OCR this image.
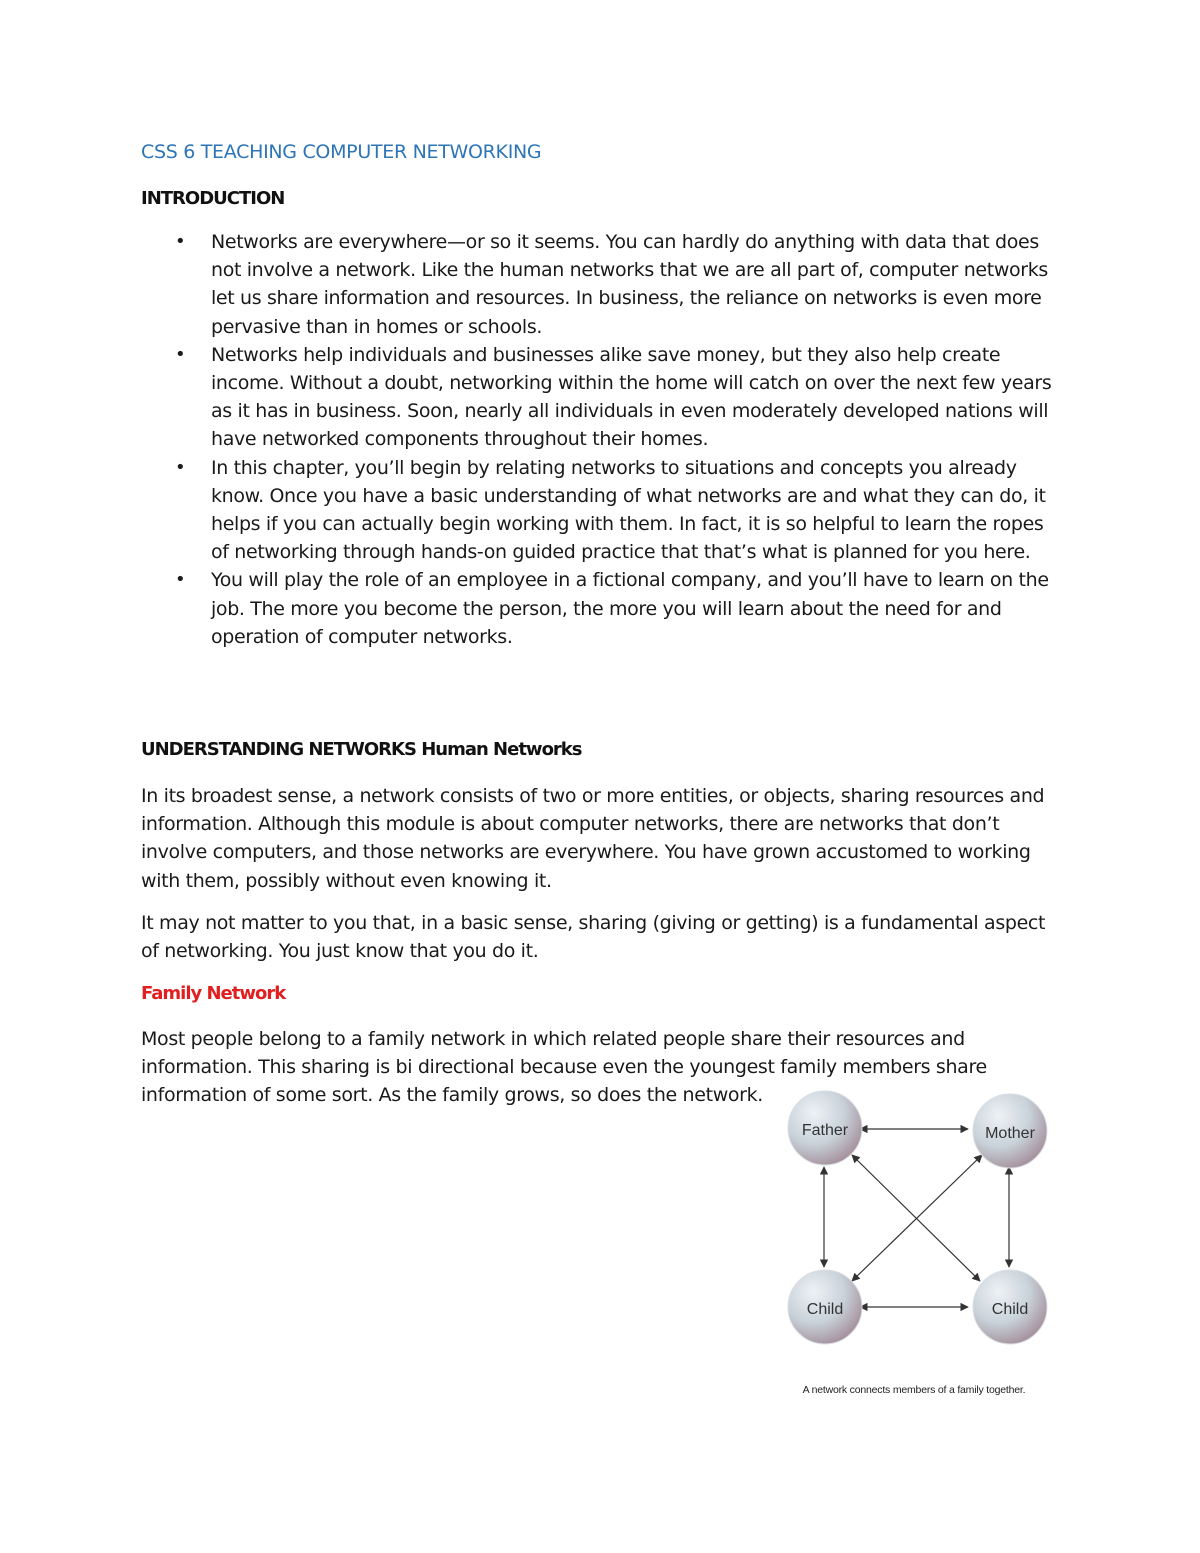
CSS 6 TEACHING COMPUTER NETWORKING
INTRODUCTION
• Networks are everywhere—or so it seems. You can hardly do anything with data that does not involve a network. Like the human networks that we are all part of, computer networks let us share information and resources. In business, the reliance on networks is even more pervasive than in homes or schools.
• Networks help individuals and businesses alike save money, but they also help create income. Without a doubt, networking within the home will catch on over the next few years as it has in business. Soon, nearly all individuals in even moderately developed nations will have networked components throughout their homes.
• In this chapter, you’ll begin by relating networks to situations and concepts you already know. Once you have a basic understanding of what networks are and what they can do, it helps if you can actually begin working with them. In fact, it is so helpful to learn the ropes of networking through hands-on guided practice that that’s what is planned for you here.
• You will play the role of an employee in a fictional company, and you’ll have to learn on the job. The more you become the person, the more you will learn about the need for and operation of computer networks.
UNDERSTANDING NETWORKS Human Networks

In its broadest sense, a network consists of two or more entities, or objects, sharing resources and information. Although this module is about computer networks, there are networks that don’t involve computers, and those networks are everywhere. You have grown accustomed to working with them, possibly without even knowing it.

It may not matter to you that, in a basic sense, sharing (giving or getting) is a fundamental aspect of networking. You just know that you do it.

Family Network

Most people belong to a family network in which related people share their resources and information. This sharing is bi directional because even the youngest family members share information of some sort. As the family grows, so does the network.

Father	Mother
Child	Child
A network connects members of a family together.
